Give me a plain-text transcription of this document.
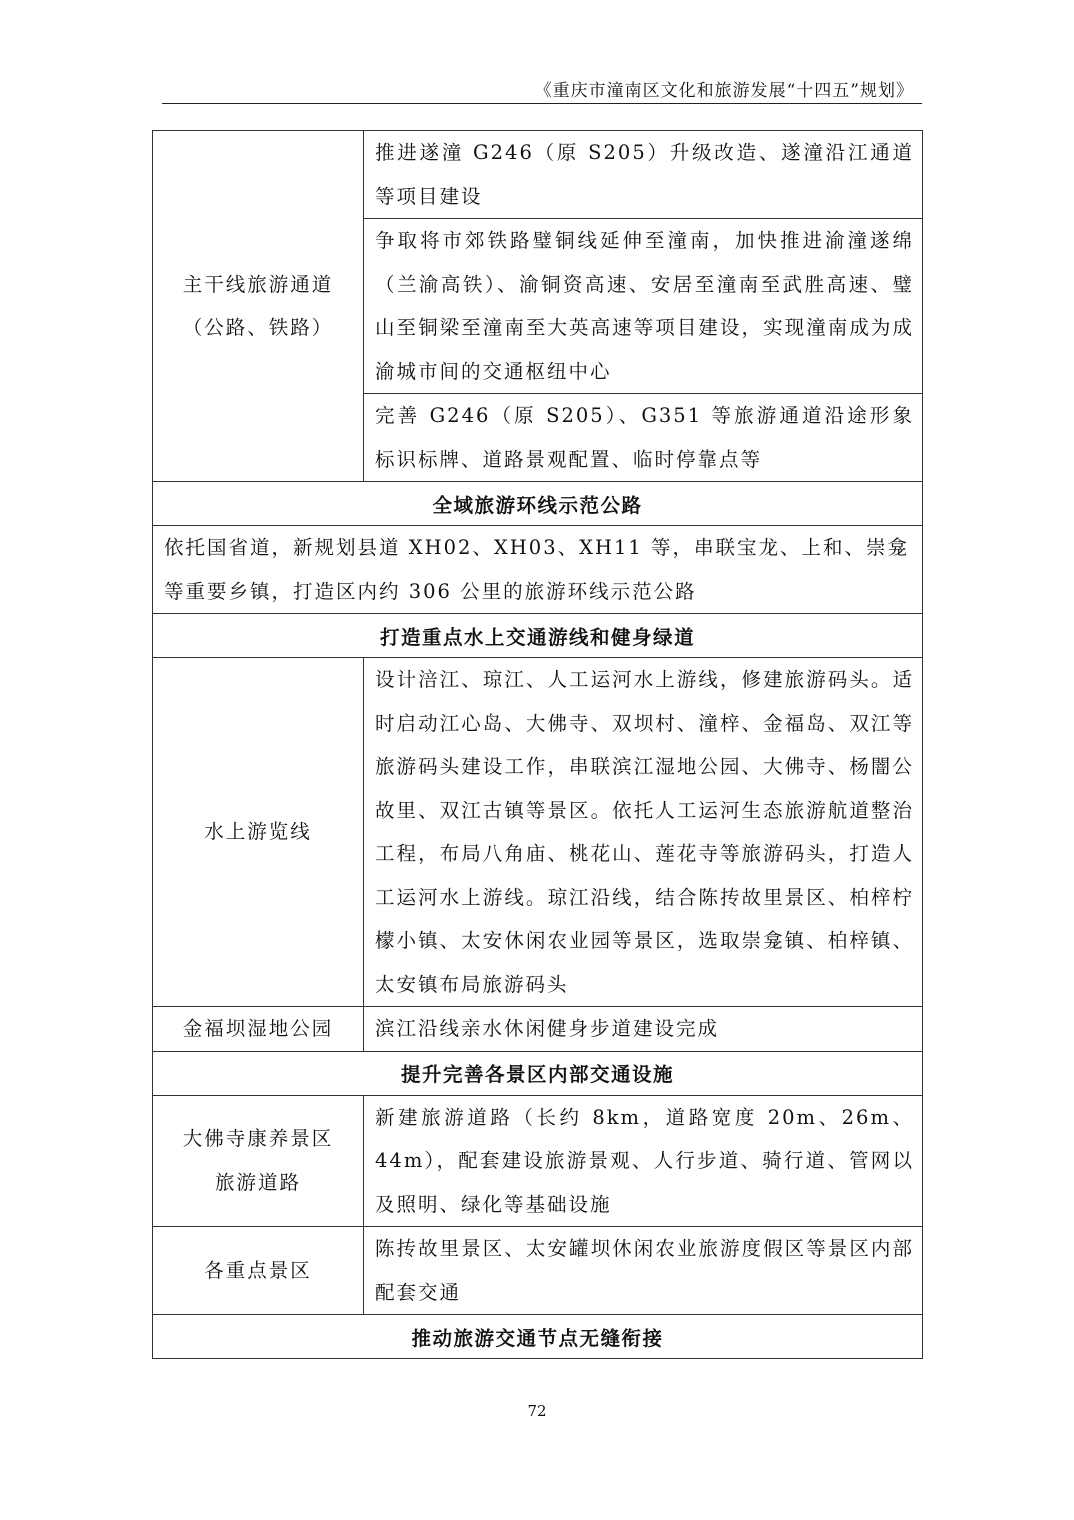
《重庆市潼南区文化和旅游发展“十四五”规划》
主干线旅游通道
（公路、铁路）	推进遂潼 G246（原 S205）升级改造、遂潼沿江通道等项目建设
	争取将市郊铁路璧铜线延伸至潼南，加快推进渝潼遂绵（兰渝高铁）、渝铜资高速、安居至潼南至武胜高速、璧山至铜梁至潼南至大英高速等项目建设，实现潼南成为成渝城市间的交通枢纽中心
	完善 G246（原 S205）、G351 等旅游通道沿途形象标识标牌、道路景观配置、临时停靠点等
全域旅游环线示范公路	
依托国省道，新规划县道 XH02、XH03、XH11 等，串联宝龙、上和、崇龛等重要乡镇，打造区内约 306 公里的旅游环线示范公路	
打造重点水上交通游线和健身绿道	
水上游览线	设计涪江、琼江、人工运河水上游线，修建旅游码头。适时启动江心岛、大佛寺、双坝村、潼梓、金福岛、双江等旅游码头建设工作，串联滨江湿地公园、大佛寺、杨闇公故里、双江古镇等景区。依托人工运河生态旅游航道整治工程，布局八角庙、桃花山、莲花寺等旅游码头，打造人工运河水上游线。琼江沿线，结合陈抟故里景区、柏梓柠檬小镇、太安休闲农业园等景区，选取崇龛镇、柏梓镇、太安镇布局旅游码头
金福坝湿地公园	滨江沿线亲水休闲健身步道建设完成
提升完善各景区内部交通设施	

大佛寺康养景区
旅游道路	新建旅游道路（长约 8km，道路宽度 20m、26m、44m），配套建设旅游景观、人行步道、骑行道、管网以及照明、绿化等基础设施
各重点景区	陈抟故里景区、太安罐坝休闲农业旅游度假区等景区内部配套交通
推动旅游交通节点无缝衔接	
72
